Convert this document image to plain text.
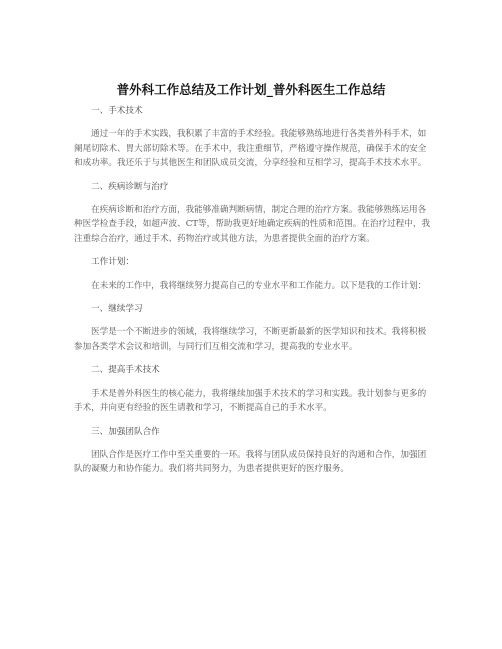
普外科工作总结及工作计划_普外科医生工作总结

一、手术技术

通过一年的手术实践，我积累了丰富的手术经验。我能够熟练地进行各类普外科手术，如阑尾切除术、胃大部切除术等。在手术中，我注重细节，严格遵守操作规范，确保手术的安全和成功率。我还乐于与其他医生和团队成员交流，分享经验和互相学习，提高手术技术水平。

二、疾病诊断与治疗

在疾病诊断和治疗方面，我能够准确判断病情，制定合理的治疗方案。我能够熟练运用各种医学检查手段，如超声波、CT等，帮助我更好地确定疾病的性质和范围。在治疗过程中，我注重综合治疗，通过手术、药物治疗或其他方法，为患者提供全面的治疗方案。

工作计划：

在未来的工作中，我将继续努力提高自己的专业水平和工作能力。以下是我的工作计划：

一、继续学习

医学是一个不断进步的领域，我将继续学习，不断更新最新的医学知识和技术。我将积极参加各类学术会议和培训，与同行们互相交流和学习，提高我的专业水平。

二、提高手术技术

手术是普外科医生的核心能力，我将继续加强手术技术的学习和实践。我计划参与更多的手术，并向更有经验的医生请教和学习，不断提高自己的手术水平。

三、加强团队合作

团队合作是医疗工作中至关重要的一环。我将与团队成员保持良好的沟通和合作，加强团队的凝聚力和协作能力。我们将共同努力，为患者提供更好的医疗服务。
